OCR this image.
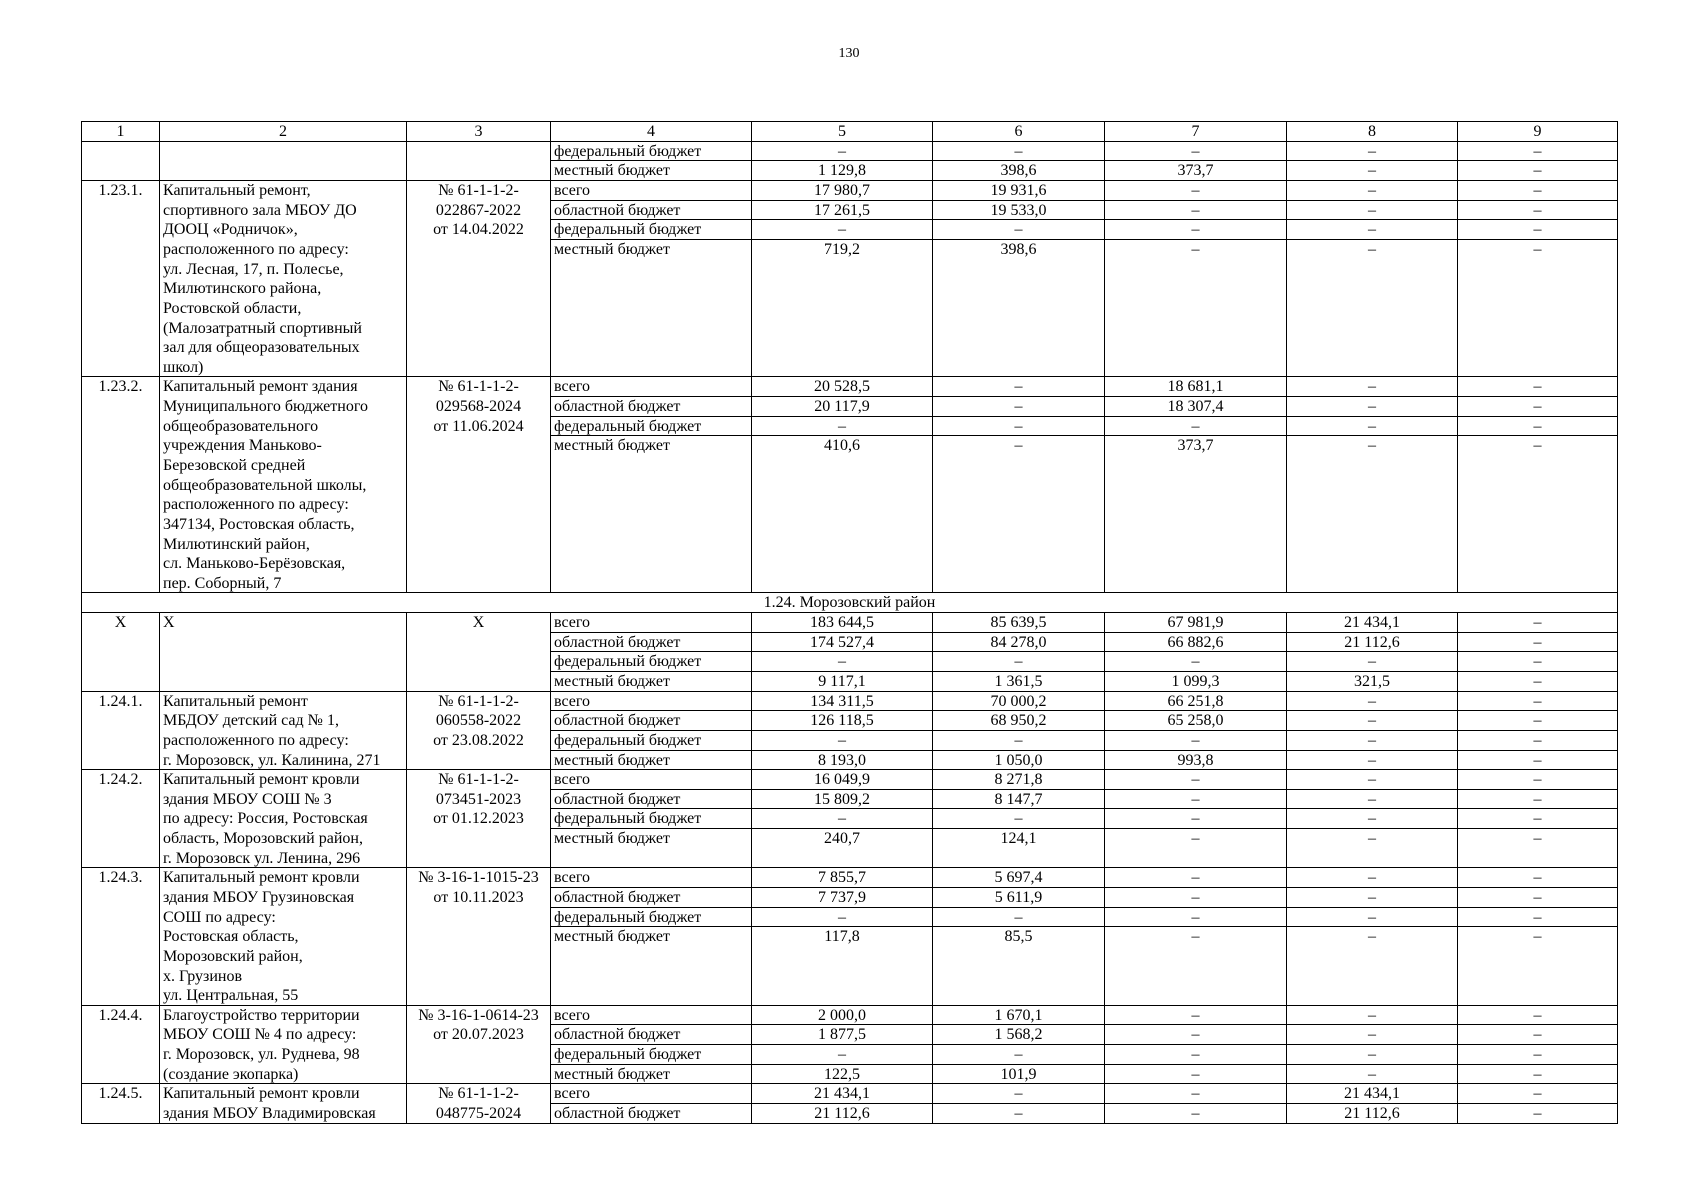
130
1	2	3	4	5	6	7	8	9
федеральный бюджет	–	–	–	–	–
местный бюджет	1 129,8	398,6	373,7	–	–
1.23.1.	Капитальный ремонт,
спортивного зала МБОУ ДО
ДООЦ «Родничок»,
расположенного по адресу:
ул. Лесная, 17, п. Полесье,
Милютинского района,
Ростовской области,
(Малозатратный спортивный
зал для общеоразовательных
школ)
№ 61-1-1-2-
022867-2022
от 14.04.2022
всего	17 980,7	19 931,6	–	–	–
областной бюджет	17 261,5	19 533,0	–	–	–
федеральный бюджет	–	–	–	–	–
местный бюджет	719,2	398,6	–	–	–
1.23.2.	Капитальный ремонт здания
Муниципального бюджетного
общеобразовательного
учреждения Маньково-
Березовской средней
общеобразовательной школы,
расположенного по адресу:
347134, Ростовская область,
Милютинский район,
сл. Маньково-Берёзовская,
пер. Соборный, 7
№ 61-1-1-2-
029568-2024
от 11.06.2024
всего	20 528,5	–	18 681,1	–	–
областной бюджет	20 117,9	–	18 307,4	–	–
федеральный бюджет	–	–	–	–	–
местный бюджет	410,6	–	373,7	–	–
1.24. Морозовский район
X	X	X	всего	183 644,5	85 639,5	67 981,9	21 434,1	–
областной бюджет	174 527,4	84 278,0	66 882,6	21 112,6	–
федеральный бюджет	–	–	–	–	–
местный бюджет	9 117,1	1 361,5	1 099,3	321,5	–
1.24.1.	Капитальный ремонт
МБДОУ детский сад № 1,
расположенного по адресу:
г. Морозовск, ул. Калинина, 271
№ 61-1-1-2-
060558-2022
от 23.08.2022
всего	134 311,5	70 000,2	66 251,8	–	–
областной бюджет	126 118,5	68 950,2	65 258,0	–	–
федеральный бюджет	–	–	–	–	–
местный бюджет	8 193,0	1 050,0	993,8	–	–
1.24.2.	Капитальный ремонт кровли
здания МБОУ СОШ № 3
по адресу: Россия, Ростовская
область, Морозовский район,
г. Морозовск ул. Ленина, 296
№ 61-1-1-2-
073451-2023
от 01.12.2023
всего	16 049,9	8 271,8	–	–	–
областной бюджет	15 809,2	8 147,7	–	–	–
федеральный бюджет	–	–	–	–	–
местный бюджет	240,7	124,1	–	–	–
1.24.3.	Капитальный ремонт кровли
здания МБОУ Грузиновская
СОШ по адресу:
Ростовская область,
Морозовский район,
х. Грузинов
ул. Центральная, 55
№ 3-16-1-1015-23
от 10.11.2023
всего	7 855,7	5 697,4	–	–	–
областной бюджет	7 737,9	5 611,9	–	–	–
федеральный бюджет	–	–	–	–	–
местный бюджет	117,8	85,5	–	–	–
1.24.4.	Благоустройство территории
МБОУ СОШ № 4 по адресу:
г. Морозовск, ул. Руднева, 98
(создание экопарка)
№ 3-16-1-0614-23
от 20.07.2023
всего	2 000,0	1 670,1	–	–	–
областной бюджет	1 877,5	1 568,2	–	–	–
федеральный бюджет	–	–	–	–	–
местный бюджет	122,5	101,9	–	–	–
1.24.5.	Капитальный ремонт кровли
здания МБОУ Владимировская
№ 61-1-1-2-
048775-2024
всего	21 434,1	–	–	21 434,1	–
областной бюджет	21 112,6	–	–	21 112,6	–
